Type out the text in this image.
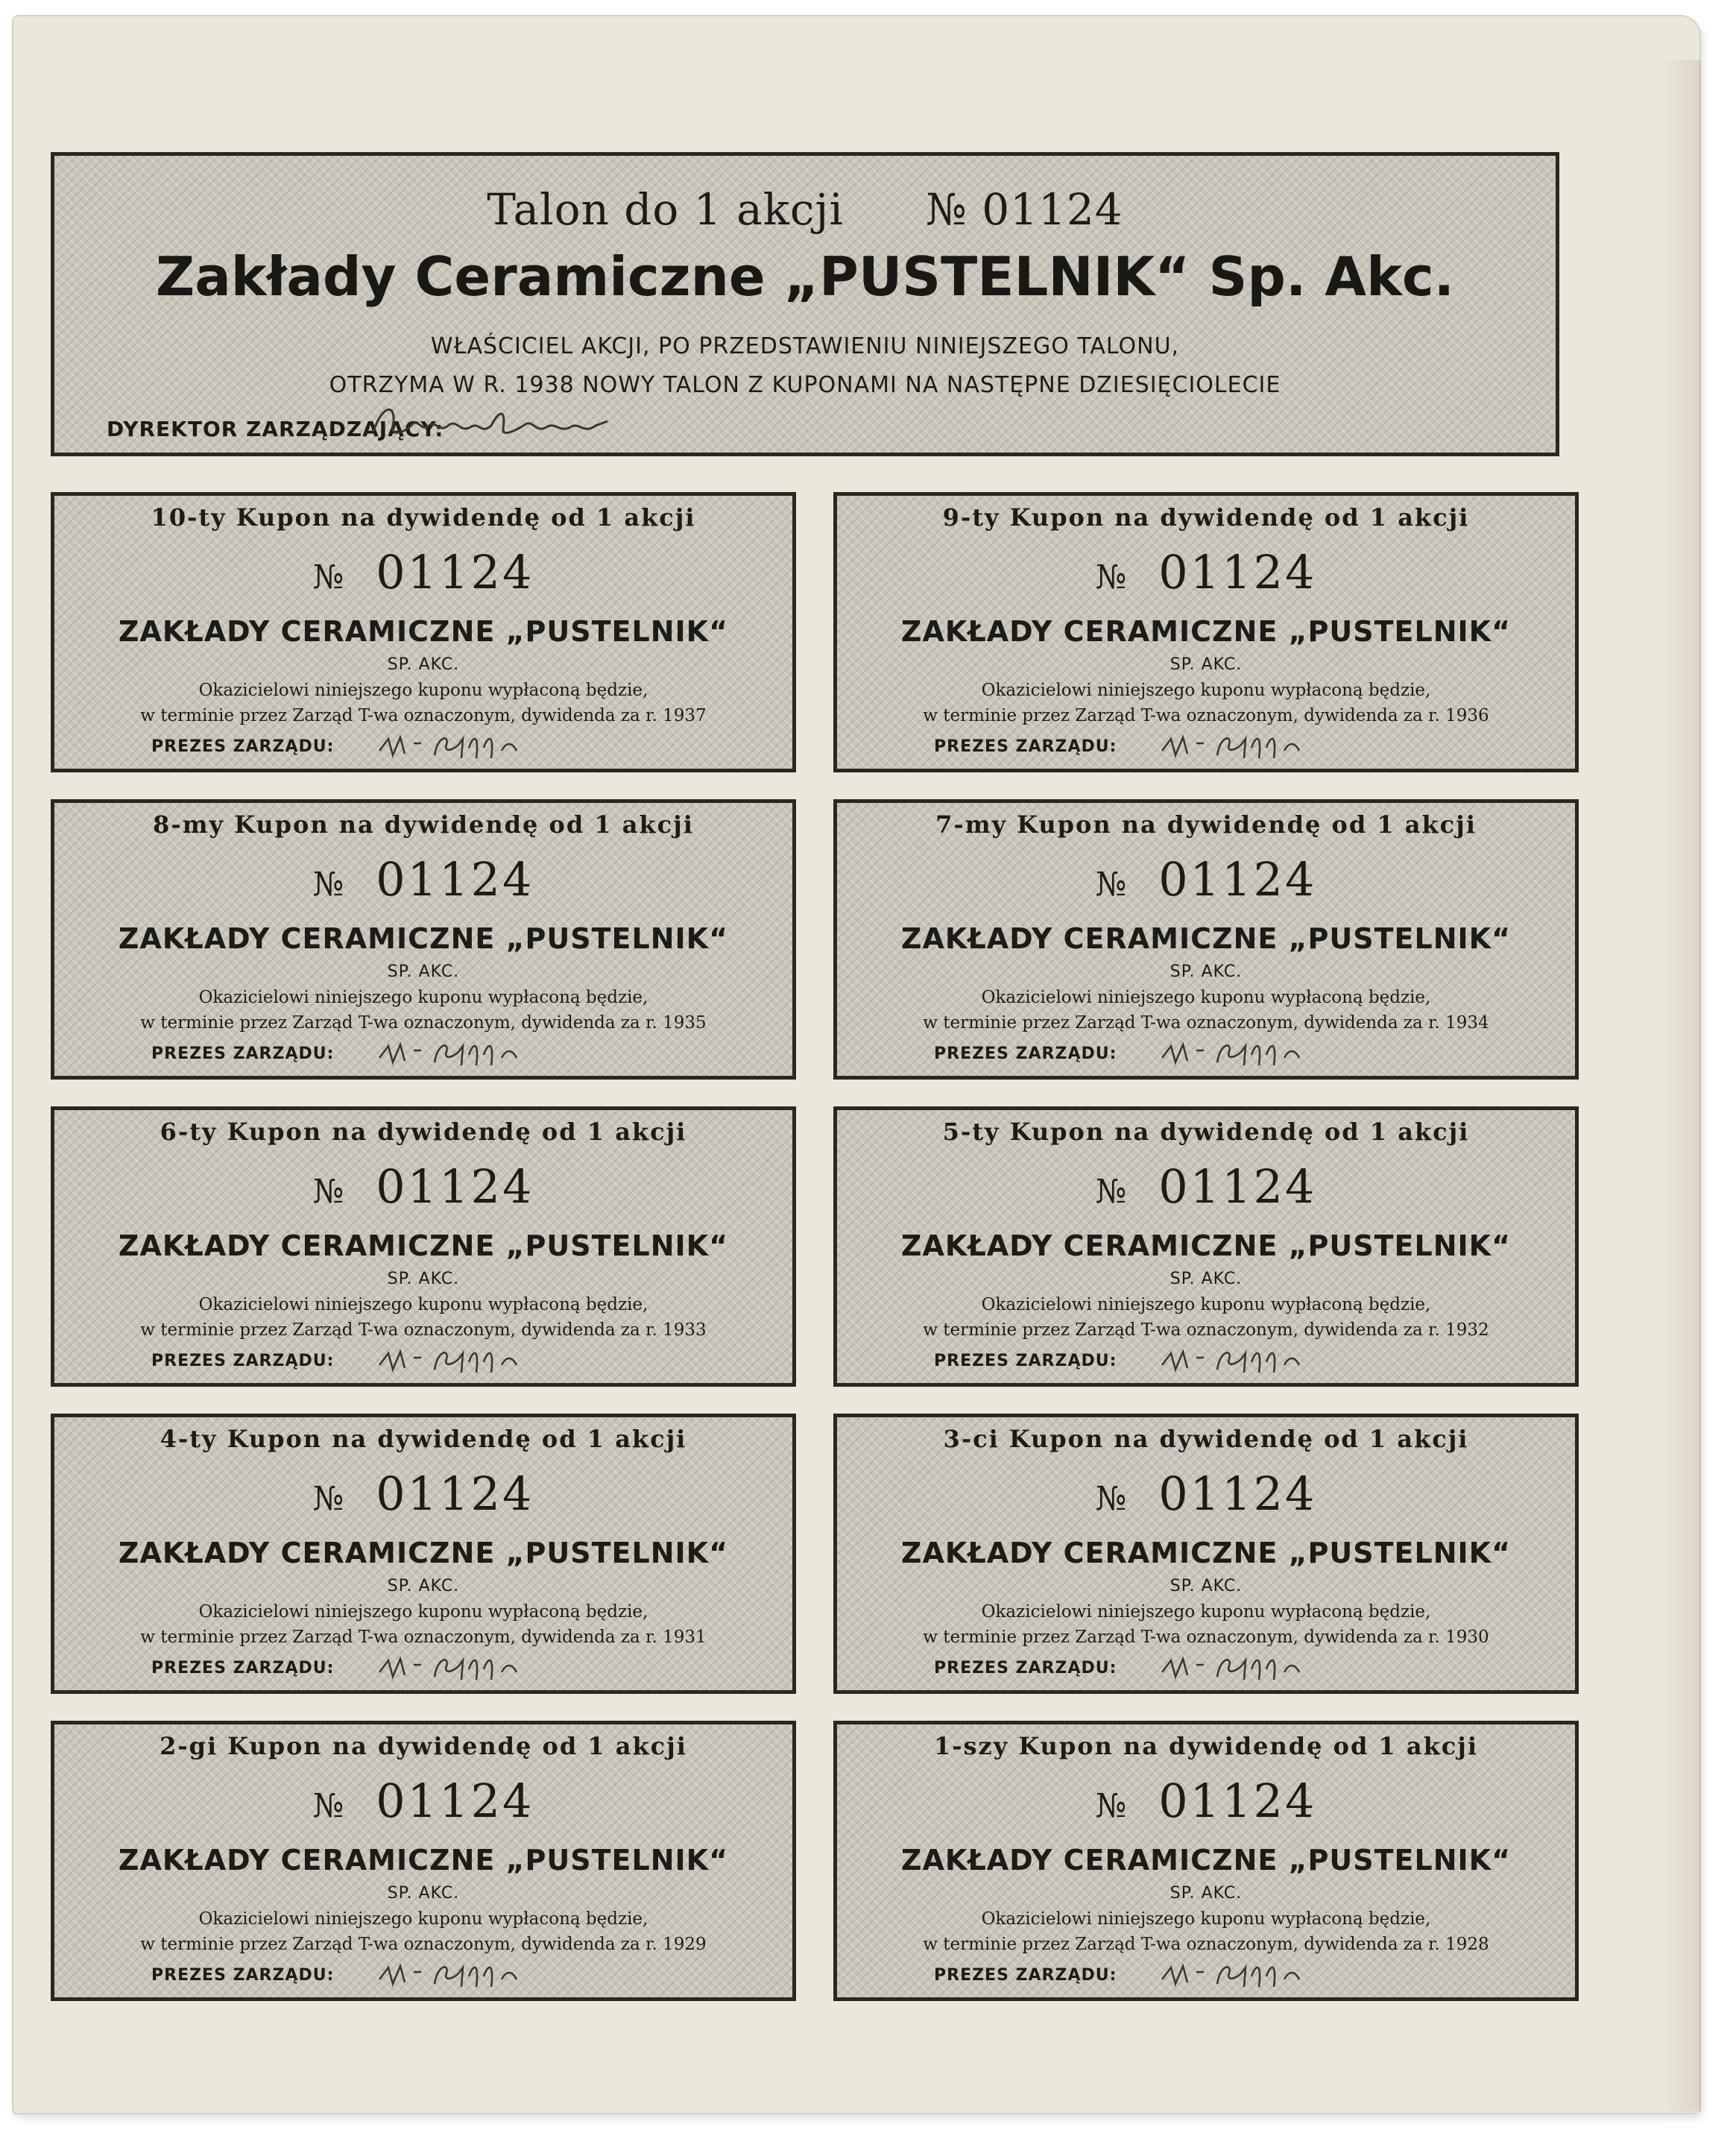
Talon do 1 akcji № 01124
Zakłady Ceramiczne „PUSTELNIK“ Sp. Akc.
WŁAŚCICIEL AKCJI, PO PRZEDSTAWIENIU NINIEJSZEGO TALONU,
OTRZYMA W R. 1938 NOWY TALON Z KUPONAMI NA NASTĘPNE DZIESIĘCIOLECIE
DYREKTOR ZARZĄDZAJĄCY:
10-ty Kupon na dywidendę od 1 akcji
№ 01124
ZAKŁADY CERAMICZNE „PUSTELNIK“
SP. AKC.
Okazicielowi niniejszego kuponu wypłaconą będzie,
w terminie przez Zarząd T-wa oznaczonym, dywidenda za r. 1937
PREZES ZARZĄDU:
9-ty Kupon na dywidendę od 1 akcji
№ 01124
ZAKŁADY CERAMICZNE „PUSTELNIK“
SP. AKC.
Okazicielowi niniejszego kuponu wypłaconą będzie,
w terminie przez Zarząd T-wa oznaczonym, dywidenda za r. 1936
PREZES ZARZĄDU:
8-my Kupon na dywidendę od 1 akcji
№ 01124
ZAKŁADY CERAMICZNE „PUSTELNIK“
SP. AKC.
Okazicielowi niniejszego kuponu wypłaconą będzie,
w terminie przez Zarząd T-wa oznaczonym, dywidenda za r. 1935
PREZES ZARZĄDU:
7-my Kupon na dywidendę od 1 akcji
№ 01124
ZAKŁADY CERAMICZNE „PUSTELNIK“
SP. AKC.
Okazicielowi niniejszego kuponu wypłaconą będzie,
w terminie przez Zarząd T-wa oznaczonym, dywidenda za r. 1934
PREZES ZARZĄDU:
6-ty Kupon na dywidendę od 1 akcji
№ 01124
ZAKŁADY CERAMICZNE „PUSTELNIK“
SP. AKC.
Okazicielowi niniejszego kuponu wypłaconą będzie,
w terminie przez Zarząd T-wa oznaczonym, dywidenda za r. 1933
PREZES ZARZĄDU:
5-ty Kupon na dywidendę od 1 akcji
№ 01124
ZAKŁADY CERAMICZNE „PUSTELNIK“
SP. AKC.
Okazicielowi niniejszego kuponu wypłaconą będzie,
w terminie przez Zarząd T-wa oznaczonym, dywidenda za r. 1932
PREZES ZARZĄDU:
4-ty Kupon na dywidendę od 1 akcji
№ 01124
ZAKŁADY CERAMICZNE „PUSTELNIK“
SP. AKC.
Okazicielowi niniejszego kuponu wypłaconą będzie,
w terminie przez Zarząd T-wa oznaczonym, dywidenda za r. 1931
PREZES ZARZĄDU:
3-ci Kupon na dywidendę od 1 akcji
№ 01124
ZAKŁADY CERAMICZNE „PUSTELNIK“
SP. AKC.
Okazicielowi niniejszego kuponu wypłaconą będzie,
w terminie przez Zarząd T-wa oznaczonym, dywidenda za r. 1930
PREZES ZARZĄDU:
2-gi Kupon na dywidendę od 1 akcji
№ 01124
ZAKŁADY CERAMICZNE „PUSTELNIK“
SP. AKC.
Okazicielowi niniejszego kuponu wypłaconą będzie,
w terminie przez Zarząd T-wa oznaczonym, dywidenda za r. 1929
PREZES ZARZĄDU:
1-szy Kupon na dywidendę od 1 akcji
№ 01124
ZAKŁADY CERAMICZNE „PUSTELNIK“
SP. AKC.
Okazicielowi niniejszego kuponu wypłaconą będzie,
w terminie przez Zarząd T-wa oznaczonym, dywidenda za r. 1928
PREZES ZARZĄDU:
